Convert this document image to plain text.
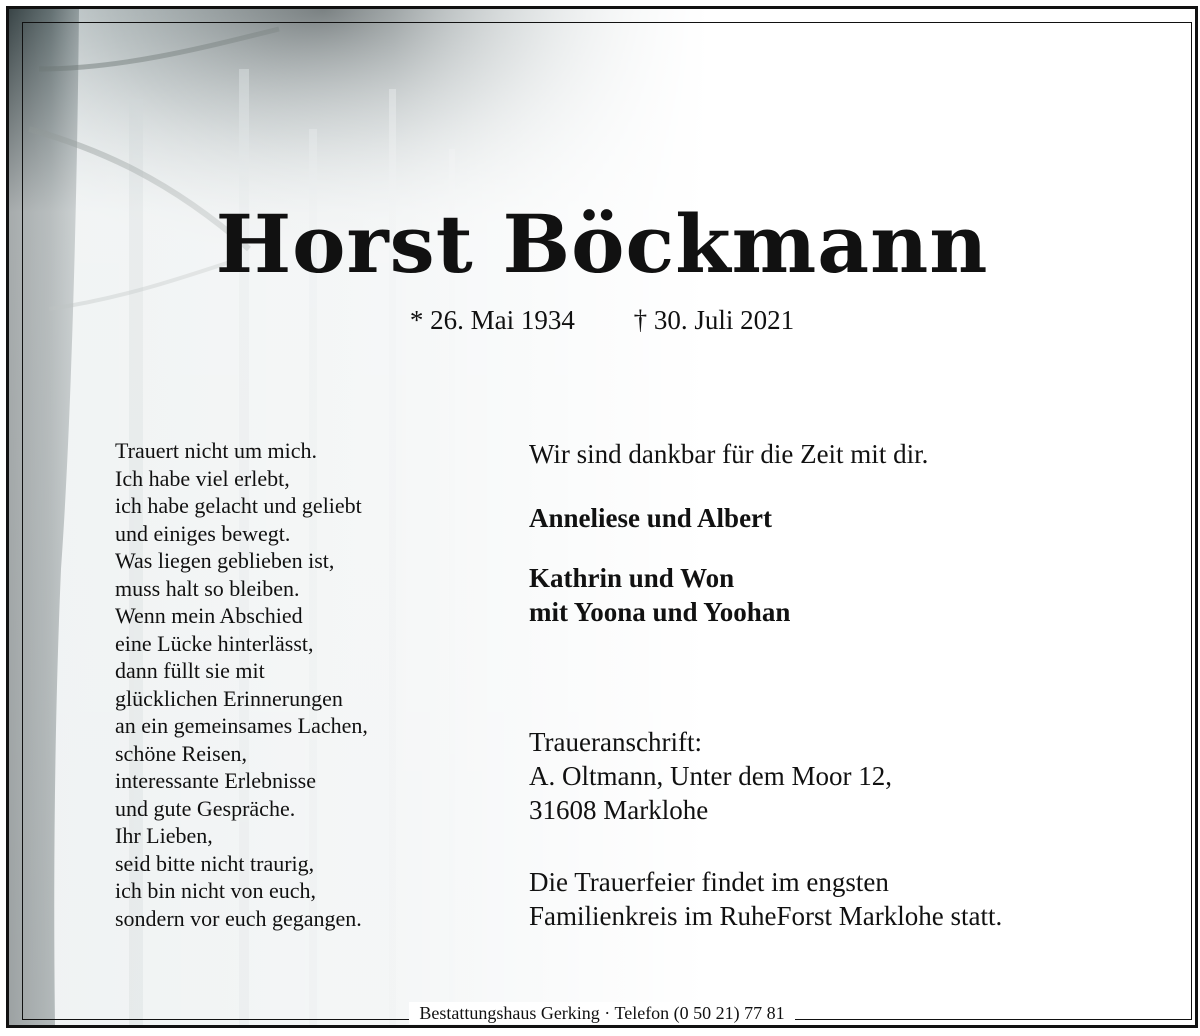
Horst Böckmann
* 26. Mai 1934 † 30. Juli 2021
Trauert nicht um mich.
Ich habe viel erlebt,
ich habe gelacht und geliebt
und einiges bewegt.
Was liegen geblieben ist,
muss halt so bleiben.
Wenn mein Abschied
eine Lücke hinterlässt,
dann füllt sie mit
glücklichen Erinnerungen
an ein gemeinsames Lachen,
schöne Reisen,
interessante Erlebnisse
und gute Gespräche.
Ihr Lieben,
seid bitte nicht traurig,
ich bin nicht von euch,
sondern vor euch gegangen.
Wir sind dankbar für die Zeit mit dir.
Anneliese und Albert
Kathrin und Won
mit Yoona und Yoohan
Traueranschrift:
A. Oltmann, Unter dem Moor 12,
31608 Marklohe
Die Trauerfeier findet im engsten
Familienkreis im RuheForst Marklohe statt.
Bestattungshaus Gerking · Telefon (0 50 21) 77 81
